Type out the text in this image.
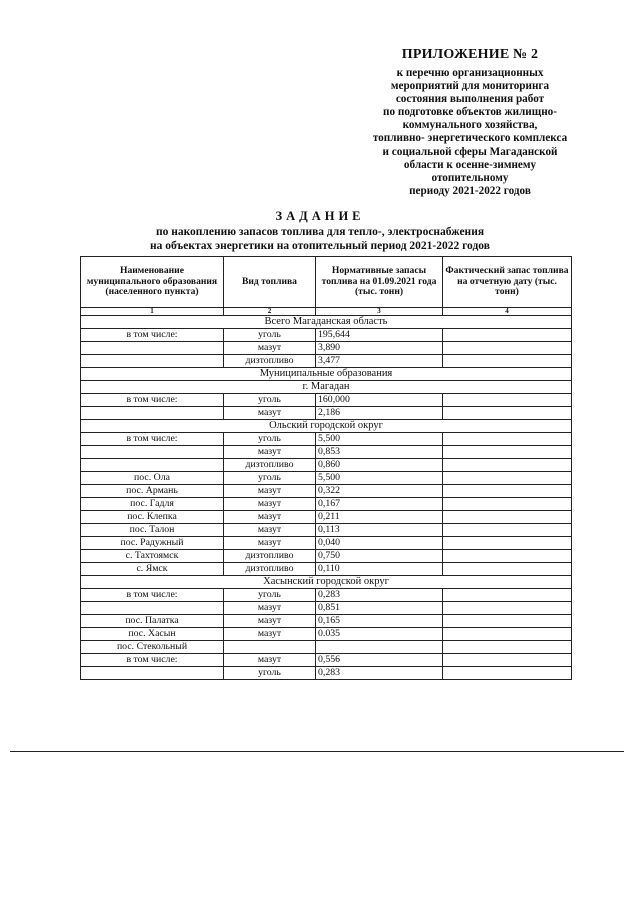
ПРИЛОЖЕНИЕ № 2
к перечню организационных
мероприятий для мониторинга
состояния выполнения работ
по подготовке объектов жилищно-
коммунального хозяйства,
топливно- энергетического комплекса
и социальной сферы Магаданской
области к осенне-зимнему
отопительному
периоду 2021-2022 годов
ЗАДАНИЕ
по накоплению запасов топлива для тепло-, электроснабжения
на объектах энергетики на отопительный период 2021-2022 годов
Наименование муниципального образования (населенного пункта)	Вид топлива	Нормативные запасы топлива на 01.09.2021 года (тыс. тонн)	Фактический запас топлива на отчетную дату (тыс. тонн)
1	2	3	4
Всего Магаданская область			
в том числе:	уголь	195,644	
	мазут	3,890	
	дизтопливо	3,477	
Муниципальные образования			
г. Магадан			
в том числе:	уголь	160,000	
	мазут	2,186	
Ольский городской округ			
в том числе:	уголь	5,500	
	мазут	0,853	
	дизтопливо	0,860	
пос. Ола	уголь	5,500	
пос. Армань	мазут	0,322	
пос. Гадля	мазут	0,167	
пос. Клепка	мазут	0,211	
пос. Талон	мазут	0,113	
пос. Радужный	мазут	0,040	
с. Тахтоямск	дизтопливо	0,750	
с. Ямск	дизтопливо	0,110	
Хасынский городской округ			
в том числе:	уголь	0,283	
	мазут	0,851	
пос. Палатка	мазут	0,165	
пос. Хасын	мазут	0.035	
пос. Стекольный			
в том числе:	мазут	0,556	
	уголь	0,283	
